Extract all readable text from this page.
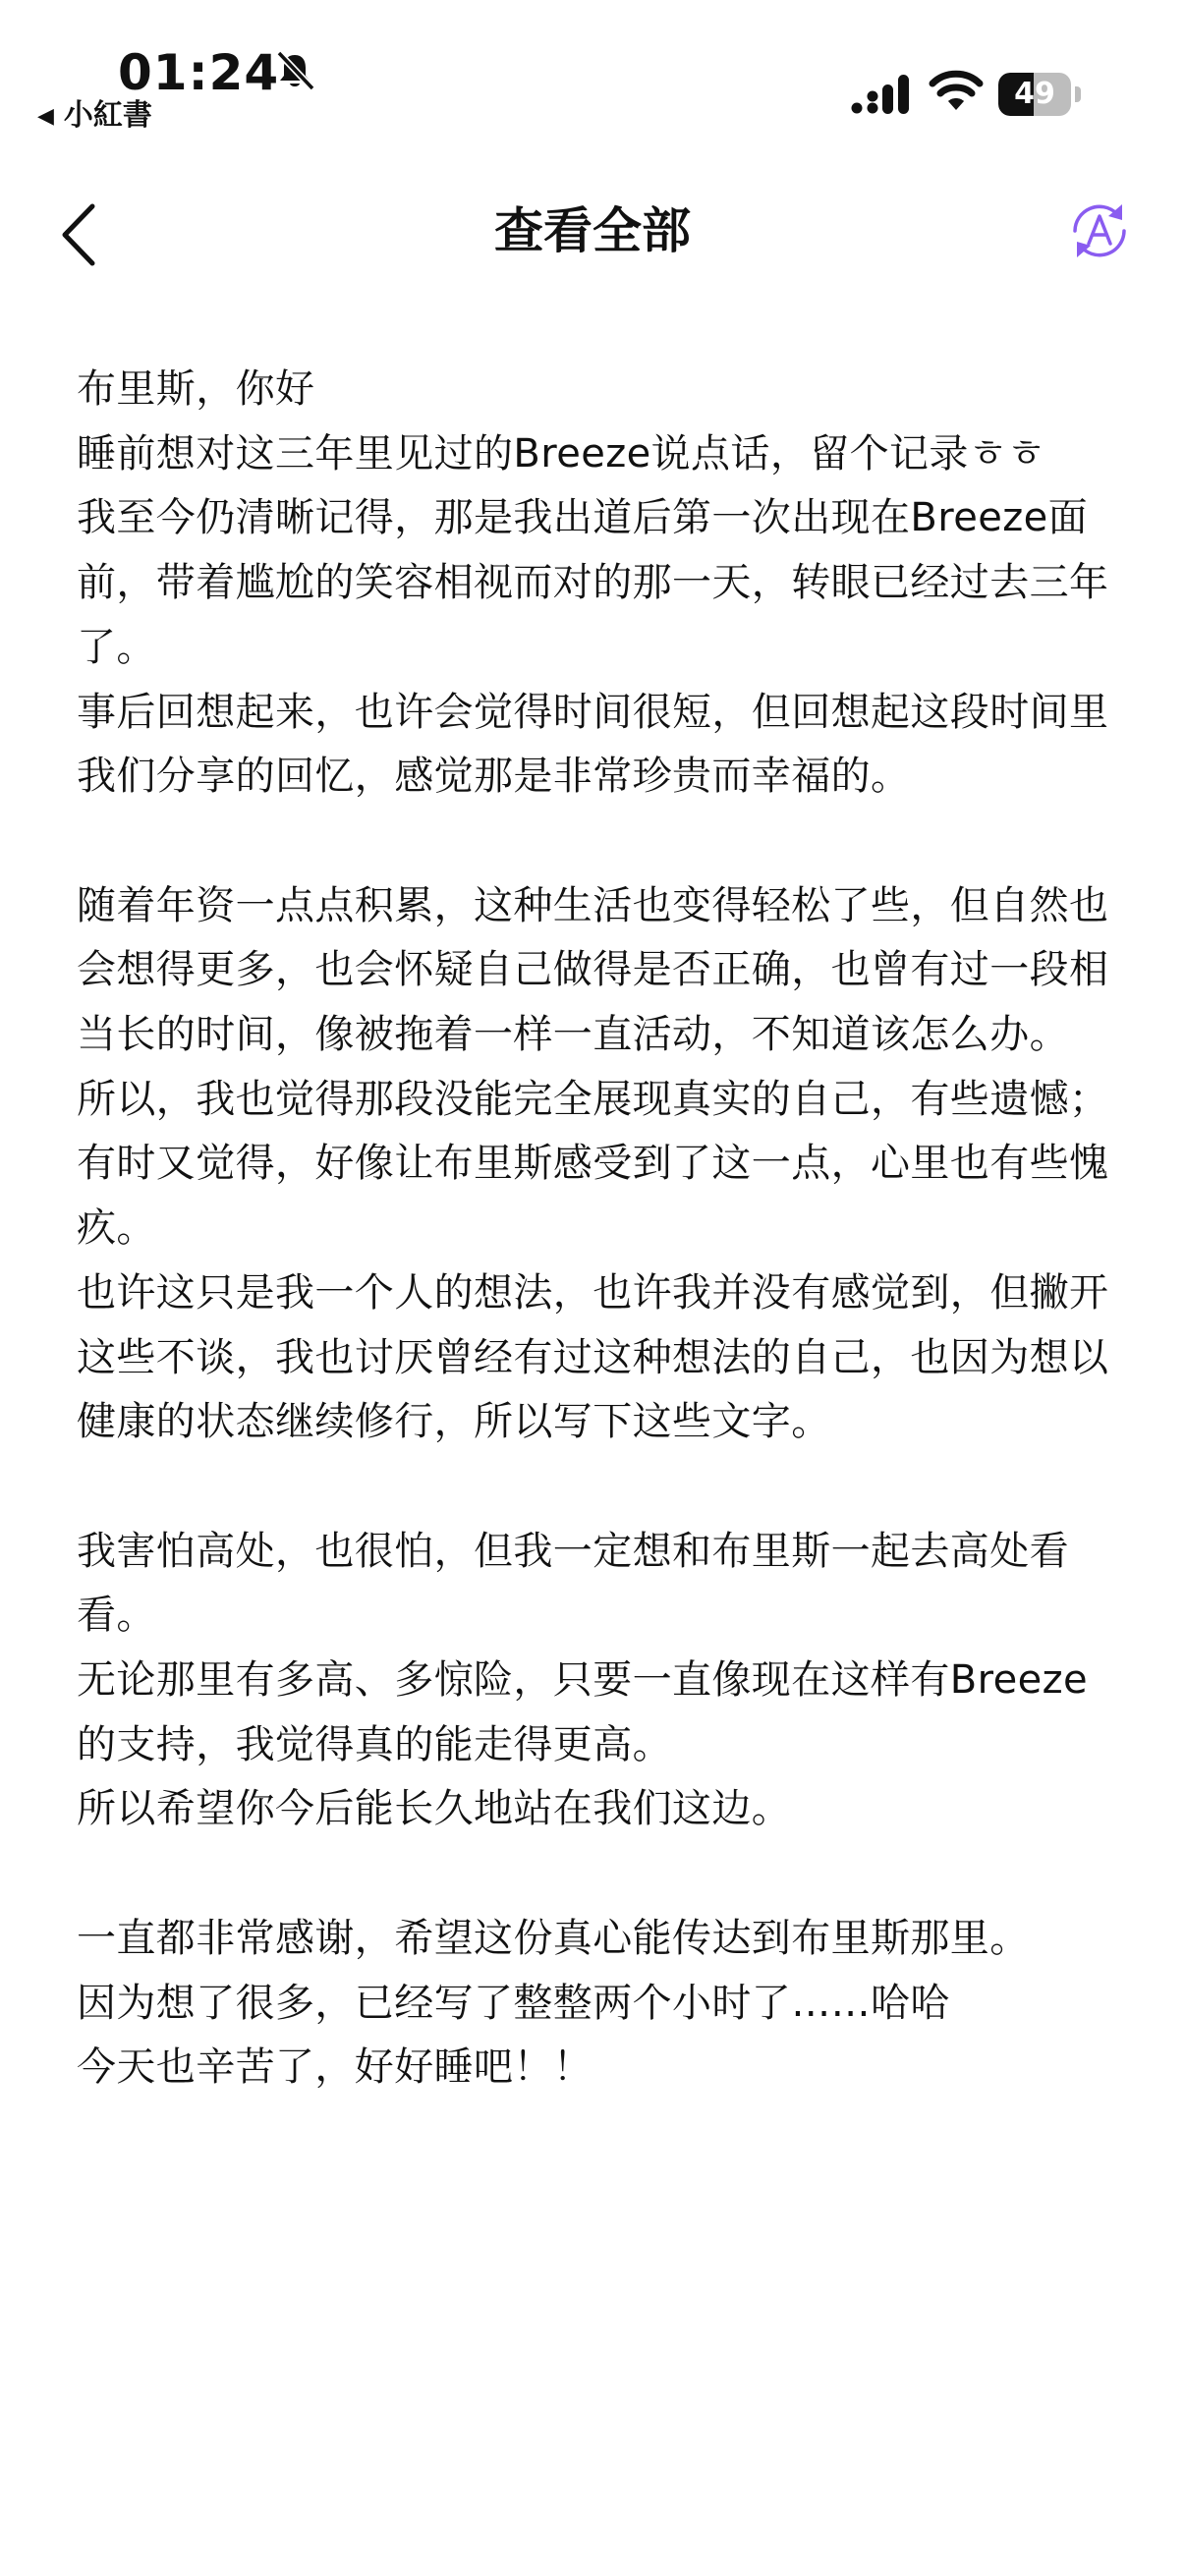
01:24
◀ 小紅書
49
查看全部

布里斯，你好

睡前想对这三年里见过的Breeze说点话，留个记录ㅎㅎ

我至今仍清晰记得，那是我出道后第一次出现在Breeze面前，带着尴尬的笑容相视而对的那一天，转眼已经过去三年了。

事后回想起来，也许会觉得时间很短，但回想起这段时间里我们分享的回忆，感觉那是非常珍贵而幸福的。

随着年资一点点积累，这种生活也变得轻松了些，但自然也会想得更多，也会怀疑自己做得是否正确，也曾有过一段相当长的时间，像被拖着一样一直活动，不知道该怎么办。

所以，我也觉得那段没能完全展现真实的自己，有些遗憾；有时又觉得，好像让布里斯感受到了这一点，心里也有些愧疚。

也许这只是我一个人的想法，也许我并没有感觉到，但撇开这些不谈，我也讨厌曾经有过这种想法的自己，也因为想以健康的状态继续修行，所以写下这些文字。

我害怕高处，也很怕，但我一定想和布里斯一起去高处看看。

无论那里有多高、多惊险，只要一直像现在这样有Breeze的支持，我觉得真的能走得更高。

所以希望你今后能长久地站在我们这边。

一直都非常感谢，希望这份真心能传达到布里斯那里。

因为想了很多，已经写了整整两个小时了……哈哈

今天也辛苦了，好好睡吧！！
